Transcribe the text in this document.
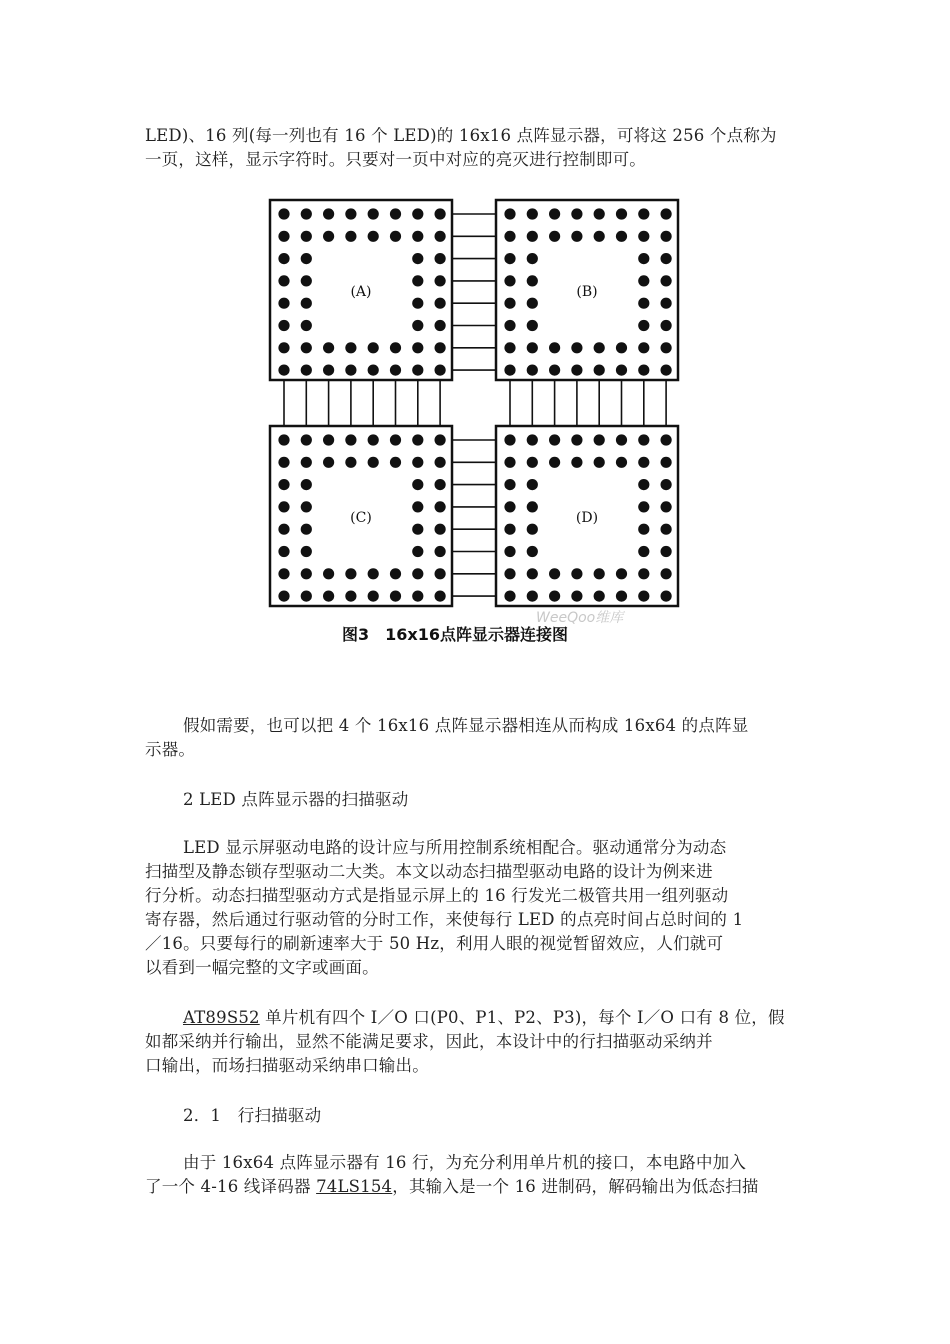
LED)、16 列(每一列也有 16 个 LED)的 16x16 点阵显示器，可将这 256 个点称为
一页，这样，显示字符时。只要对一页中对应的亮灭进行控制即可。

(A)	(B)
(C)	(D)
WeeQoo维库
图3　16x16点阵显示器连接图

假如需要，也可以把 4 个 16x16 点阵显示器相连从而构成 16x64 的点阵显
示器。

2 LED 点阵显示器的扫描驱动

LED 显示屏驱动电路的设计应与所用控制系统相配合。驱动通常分为动态
扫描型及静态锁存型驱动二大类。本文以动态扫描型驱动电路的设计为例来进
行分析。动态扫描型驱动方式是指显示屏上的 16 行发光二极管共用一组列驱动
寄存器，然后通过行驱动管的分时工作，来使每行 LED 的点亮时间占总时间的 1
／16。只要每行的刷新速率大于 50 Hz，利用人眼的视觉暂留效应，人们就可
以看到一幅完整的文字或画面。

AT89S52 单片机有四个 I／O 口(P0、P1、P2、P3)，每个 I／O 口有 8 位，假
如都采纳并行输出，显然不能满足要求，因此，本设计中的行扫描驱动采纳并
口输出，而场扫描驱动采纳串口输出。

2．1　行扫描驱动

由于 16x64 点阵显示器有 16 行，为充分利用单片机的接口，本电路中加入
了一个 4-16 线译码器 74LS154，其输入是一个 16 进制码，解码输出为低态扫描
